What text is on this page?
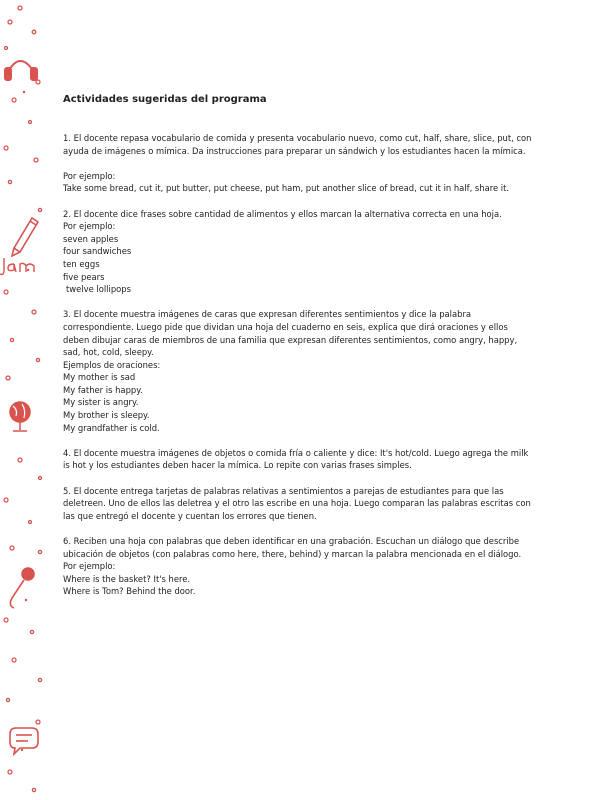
Actividades sugeridas del programa

1. El docente repasa vocabulario de comida y presenta vocabulario nuevo, como cut, half, share, slice, put, con ayuda de imágenes o mímica. Da instrucciones para preparar un sándwich y los estudiantes hacen la mímica.

Por ejemplo:

Take some bread, cut it, put butter, put cheese, put ham, put another slice of bread, cut it in half, share it.

2. El docente dice frases sobre cantidad de alimentos y ellos marcan la alternativa correcta en una hoja.

Por ejemplo:

seven apples

four sandwiches

ten eggs

five pears

twelve lollipops

3. El docente muestra imágenes de caras que expresan diferentes sentimientos y dice la palabra correspondiente. Luego pide que dividan una hoja del cuaderno en seis, explica que dirá oraciones y ellos deben dibujar caras de miembros de una familia que expresan diferentes sentimientos, como angry, happy, sad, hot, cold, sleepy.

Ejemplos de oraciones:

My mother is sad

My father is happy.

My sister is angry.

My brother is sleepy.

My grandfather is cold.

4. El docente muestra imágenes de objetos o comida fría o caliente y dice: It's hot/cold. Luego agrega the milk is hot y los estudiantes deben hacer la mímica. Lo repite con varias frases simples.

5. El docente entrega tarjetas de palabras relativas a sentimientos a parejas de estudiantes para que las deletreen. Uno de ellos las deletrea y el otro las escribe en una hoja. Luego comparan las palabras escritas con las que entregó el docente y cuentan los errores que tienen.

6. Reciben una hoja con palabras que deben identificar en una grabación. Escuchan un diálogo que describe ubicación de objetos (con palabras como here, there, behind) y marcan la palabra mencionada en el diálogo.

Por ejemplo:

Where is the basket? It's here.

Where is Tom? Behind the door.
